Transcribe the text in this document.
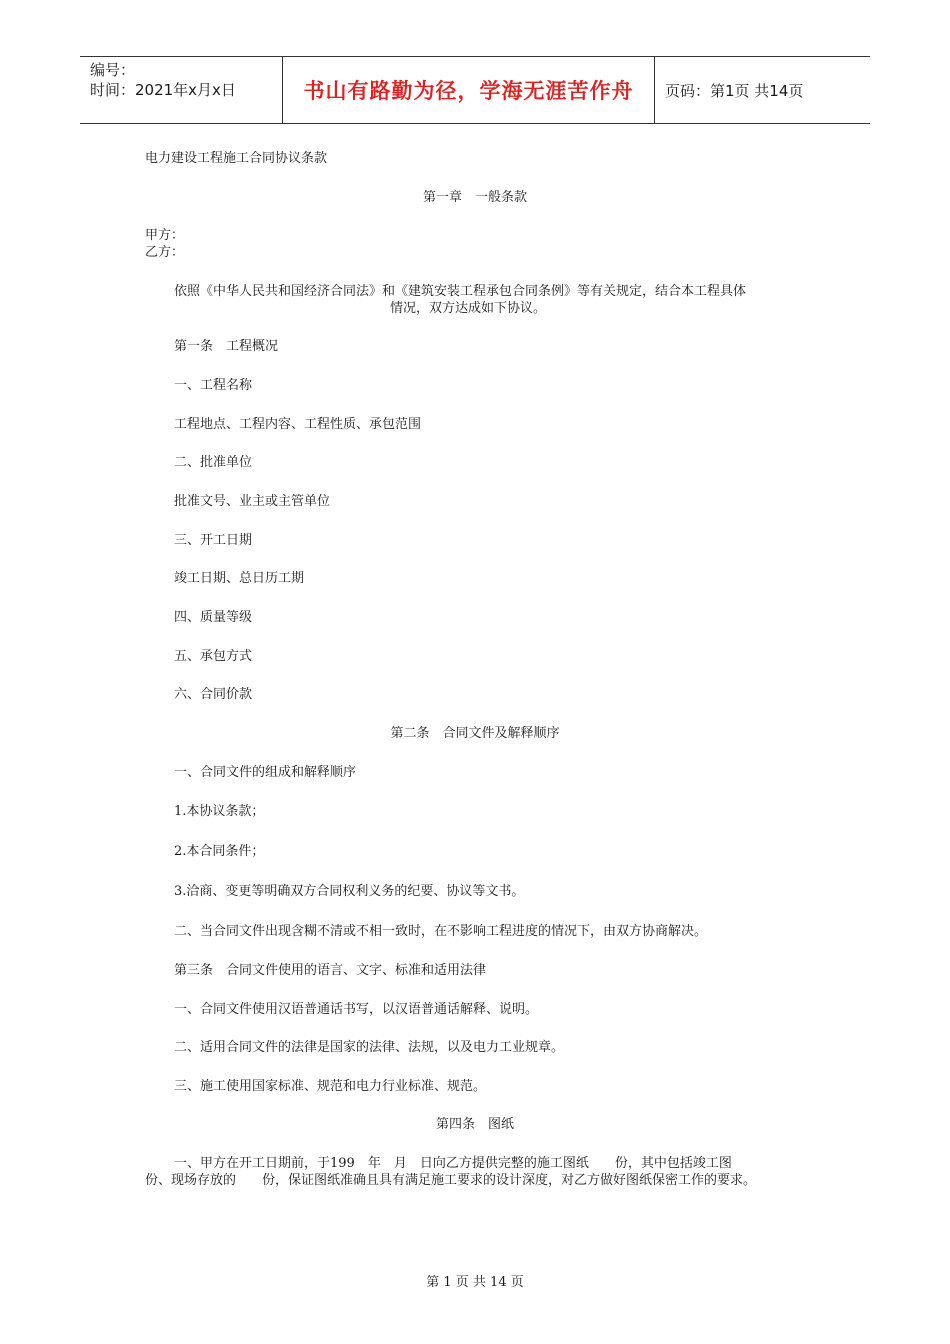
编号：
时间：2021年x月x日	书山有路勤为径，学海无涯苦作舟	页码：第1页 共14页
电力建设工程施工合同协议条款
第一章　一般条款
甲方：
乙方：
依照《中华人民共和国经济合同法》和《建筑安装工程承包合同条例》等有关规定，结合本工程具体
情况，双方达成如下协议。
第一条　工程概况
一、工程名称
工程地点、工程内容、工程性质、承包范围
二、批准单位
批准文号、业主或主管单位
三、开工日期
竣工日期、总日历工期
四、质量等级
五、承包方式
六、合同价款
第二条　合同文件及解释顺序
一、合同文件的组成和解释顺序
1.本协议条款；
2.本合同条件；
3.洽商、变更等明确双方合同权利义务的纪要、协议等文书。
二、当合同文件出现含糊不清或不相一致时，在不影响工程进度的情况下，由双方协商解决。
第三条　合同文件使用的语言、文字、标准和适用法律
一、合同文件使用汉语普通话书写，以汉语普通话解释、说明。
二、适用合同文件的法律是国家的法律、法规，以及电力工业规章。
三、施工使用国家标准、规范和电力行业标准、规范。
第四条　图纸
一、甲方在开工日期前，于199　年　月　日向乙方提供完整的施工图纸　　份，其中包括竣工图
份、现场存放的　　份，保证图纸准确且具有满足施工要求的设计深度，对乙方做好图纸保密工作的要求。
第 1 页 共 14 页
